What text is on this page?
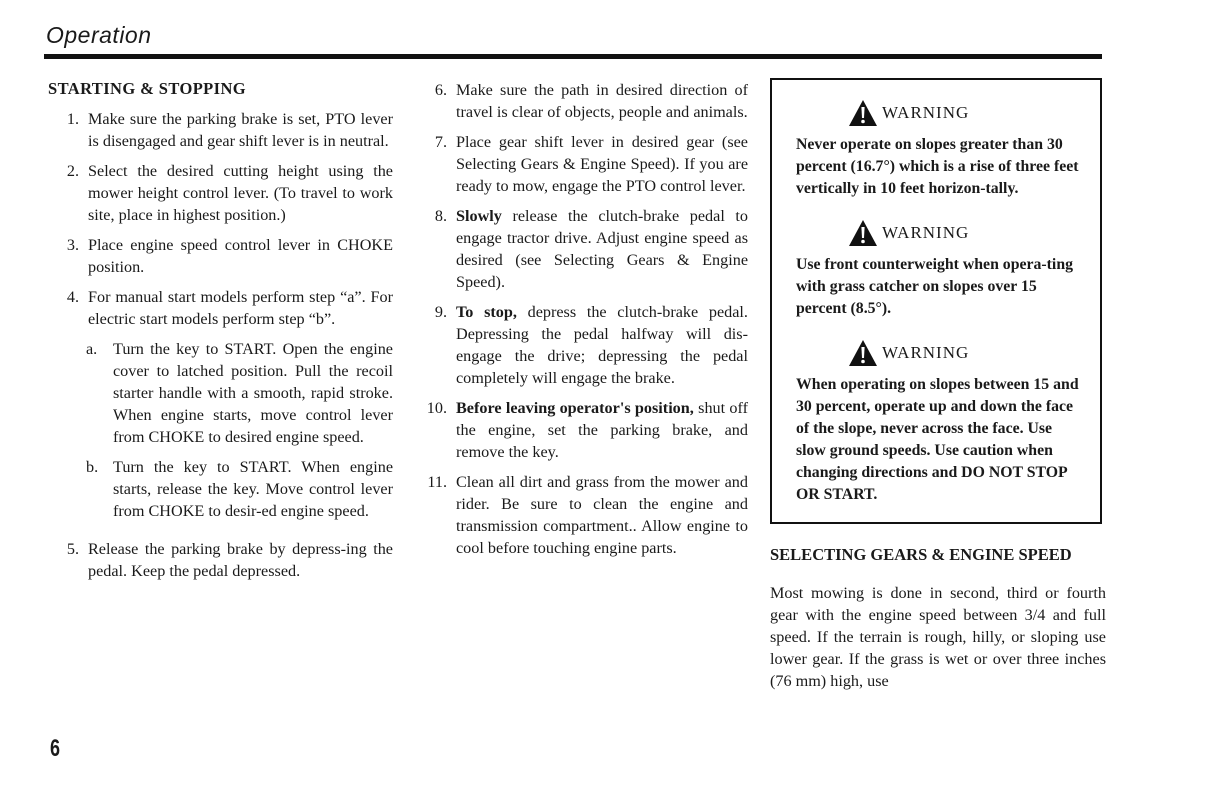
Operation
STARTING & STOPPING
1. Make sure the parking brake is set, PTO lever is disengaged and gear shift lever is in neutral.
2. Select the desired cutting height using the mower height control lever. (To travel to work site, place in highest position.)
3. Place engine speed control lever in CHOKE position.
4. For manual start models perform step “a”. For electric start models perform step “b”.
a. Turn the key to START. Open the engine cover to latched position. Pull the recoil starter handle with a smooth, rapid stroke. When engine starts, move control lever from CHOKE to desired engine speed.
b. Turn the key to START. When engine starts, release the key. Move control lever from CHOKE to desir-ed engine speed.
5. Release the parking brake by depress-ing the pedal. Keep the pedal depressed.
6. Make sure the path in desired direction of travel is clear of objects, people and animals.
7. Place gear shift lever in desired gear (see Selecting Gears & Engine Speed). If you are ready to mow, engage the PTO control lever.
8. Slowly release the clutch-brake pedal to engage tractor drive. Adjust engine speed as desired (see Selecting Gears & Engine Speed).
9. To stop, depress the clutch-brake pedal. Depressing the pedal halfway will dis-engage the drive; depressing the pedal completely will engage the brake.
10. Before leaving operator's position, shut off the engine, set the parking brake, and remove the key.
11. Clean all dirt and grass from the mower and rider. Be sure to clean the engine and transmission compartment.. Allow engine to cool before touching engine parts.
WARNING
Never operate on slopes greater than 30 percent (16.7°) which is a rise of three feet vertically in 10 feet horizon-tally.
WARNING
Use front counterweight when opera-ting with grass catcher on slopes over 15 percent (8.5°).
WARNING
When operating on slopes between 15 and 30 percent, operate up and down the face of the slope, never across the face. Use slow ground speeds. Use caution when changing directions and DO NOT STOP OR START.
SELECTING GEARS & ENGINE SPEED
Most mowing is done in second, third or fourth gear with the engine speed between 3/4 and full speed. If the terrain is rough, hilly, or sloping use lower gear. If the grass is wet or over three inches (76 mm) high, use
6
